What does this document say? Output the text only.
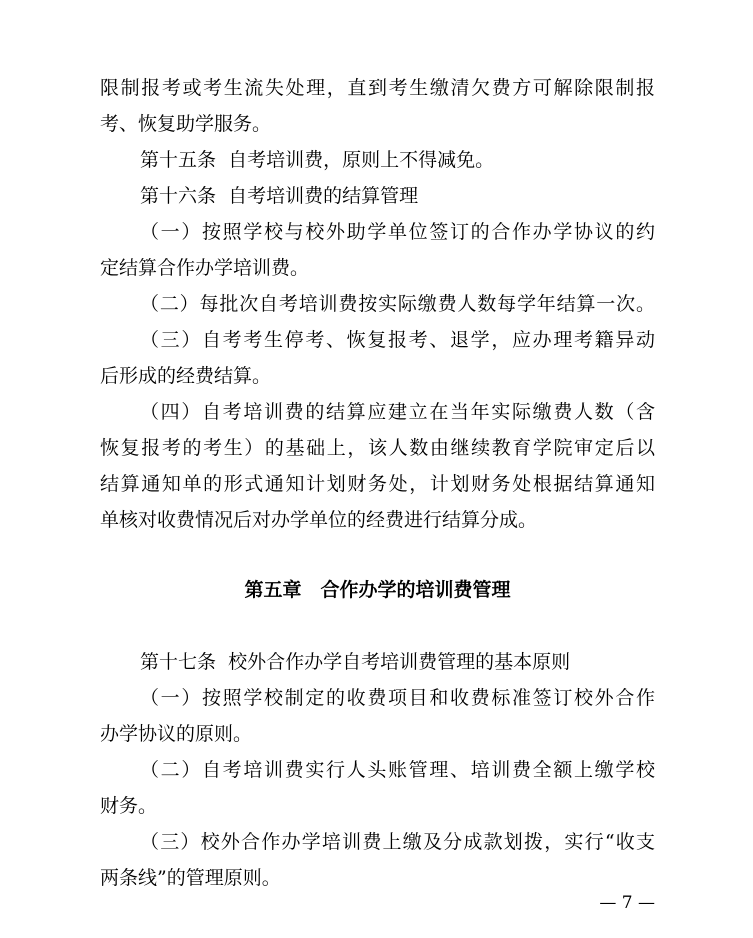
限制报考或考生流失处理，直到考生缴清欠费方可解除限制报
考、恢复助学服务。
第十五条  自考培训费，原则上不得减免。
第十六条  自考培训费的结算管理
（一）按照学校与校外助学单位签订的合作办学协议的约
定结算合作办学培训费。
（二）每批次自考培训费按实际缴费人数每学年结算一次。
（三）自考考生停考、恢复报考、退学，应办理考籍异动
后形成的经费结算。
（四）自考培训费的结算应建立在当年实际缴费人数（含
恢复报考的考生）的基础上，该人数由继续教育学院审定后以
结算通知单的形式通知计划财务处，计划财务处根据结算通知
单核对收费情况后对办学单位的经费进行结算分成。
第五章　合作办学的培训费管理
第十七条  校外合作办学自考培训费管理的基本原则
（一）按照学校制定的收费项目和收费标准签订校外合作
办学协议的原则。
（二）自考培训费实行人头账管理、培训费全额上缴学校
财务。
（三）校外合作办学培训费上缴及分成款划拨，实行“收支
两条线”的管理原则。
— 7 —
